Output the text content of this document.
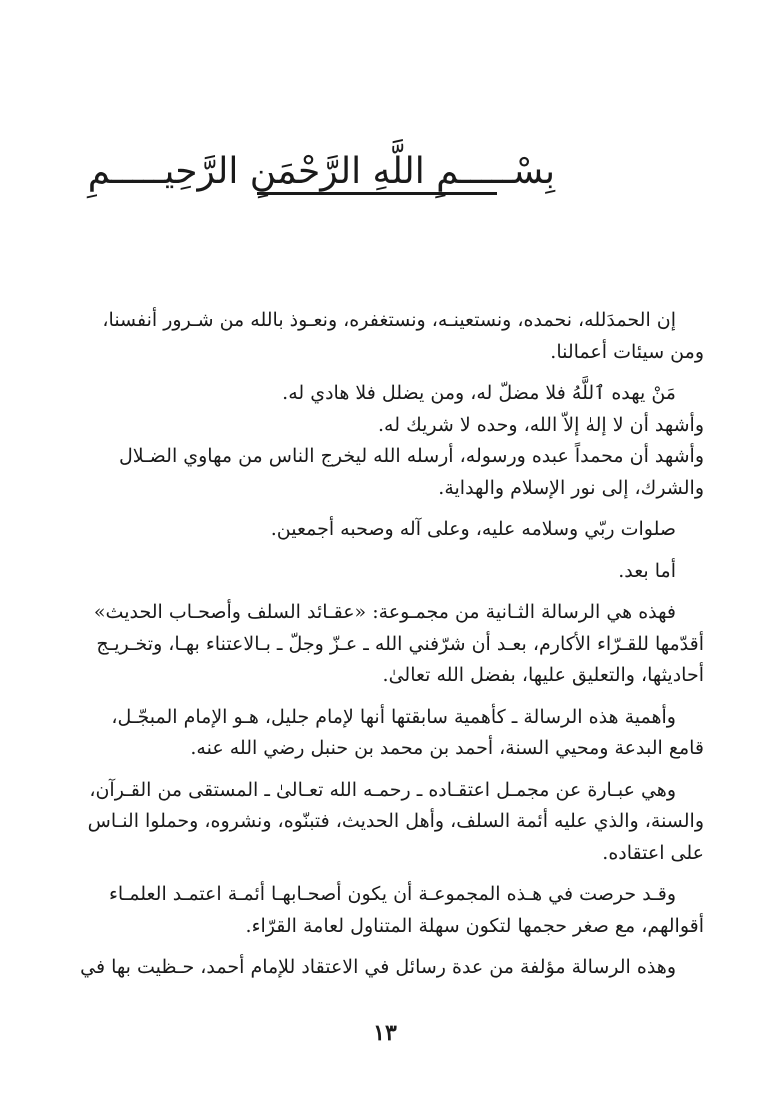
بِسْـــــمِ اللَّهِ الرَّحْمَنِ الرَّحِيـــــمِ
إن الحمدَلله، نحمده، ونستعينـه، ونستغفره، ونعـوذ بالله من شـرور أنفسنا،
ومن سيئات أعمالنا.
مَنْ يهده ٱللَّهُ فلا مضلّ له، ومن يضلل فلا هادي له.
وأشهد أن لا إلهٰ إلاّ الله، وحده لا شريك له.
وأشهد أن محمداً عبده ورسوله، أرسله الله ليخرج الناس من مهاوي الضـلال
والشرك، إلى نور الإسلام والهداية.
صلوات ربّي وسلامه عليه، وعلى آله وصحبه أجمعين.
أما بعد.
فهذه هي الرسالة الثـانية من مجمـوعة: «عقـائد السلف وأصحـاب الحديث»
أقدّمها للقـرّاء الأكارم، بعـد أن شرّفني الله ـ عـزّ وجلّ ـ بـالاعتناء بهـا، وتخـريـج
أحاديثها، والتعليق عليها، بفضل الله تعالىٰ.
وأهمية هذه الرسالة ـ كأهمية سابقتها أنها لإمام جليل، هـو الإمام المبجّـل،
قامع البدعة ومحيي السنة، أحمد بن محمد بن حنبل رضي الله عنه.
وهي عبـارة عن مجمـل اعتقـاده ـ رحمـه الله تعـالىٰ ـ المستقى من القـرآن،
والسنة، والذي عليه أئمة السلف، وأهل الحديث، فتبنّوه، ونشروه، وحملوا النـاس
على اعتقاده.
وقـد حرصت في هـذه المجموعـة أن يكون أصحـابهـا أئمـة اعتمـد العلمـاء
أقوالهم، مع صغر حجمها لتكون سهلة المتناول لعامة القرّاء.
وهذه الرسالة مؤلفة من عدة رسائل في الاعتقاد للإمام أحمد، حـظيت بها في
١٣
